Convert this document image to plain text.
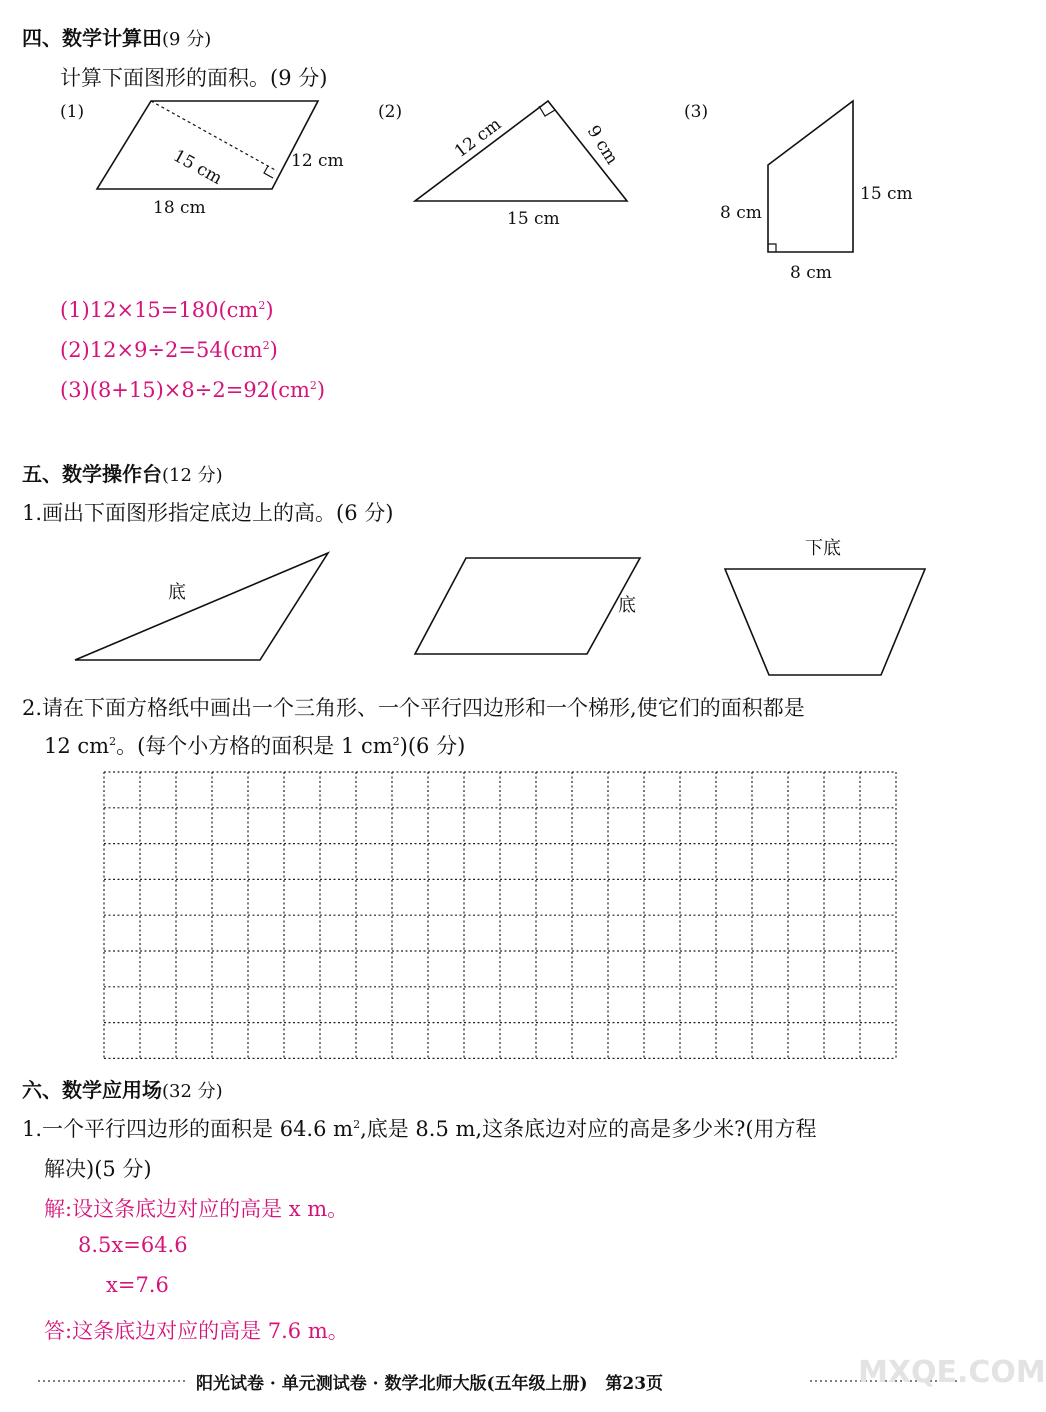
四、数学计算田(9 分)
计算下面图形的面积。(9 分)
(1)	(2)	(3)
15 cm	12 cm
18 cm
12 cm	9 cm
15 cm	8 cm
15 cm
8 cm
$(1)12\times 15=180(cm^2)$
$(2)12\times 9\div 2=54(cm^2)$
$(3)(8+15)\times 8\div 2=92(cm^2)$
五、数学操作台(12 分)
1.画出下面图形指定底边上的高。(6 分)
底
底
下底
2.请在下面方格纸中画出一个三角形、一个平行四边形和一个梯形,使它们的面积都是
12 $cm^2$。(每个小方格的面积是 1 $cm^2)(6$ 分)
六、数学应用场(32 分)
1.一个平行四边形的面积是 64.6 $m^2$,底是 8.5 m,这条底边对应的高是多少米?(用方程
解决)(5 分)
解:设这条底边对应的高是 x m。
8.5x=64.6
x=7.6
答:这条底边对应的高是 7.6 m。
阳光试卷 · 单元测试卷 · 数学北师大版(五年级上册) 第23页	MXQE.COM
